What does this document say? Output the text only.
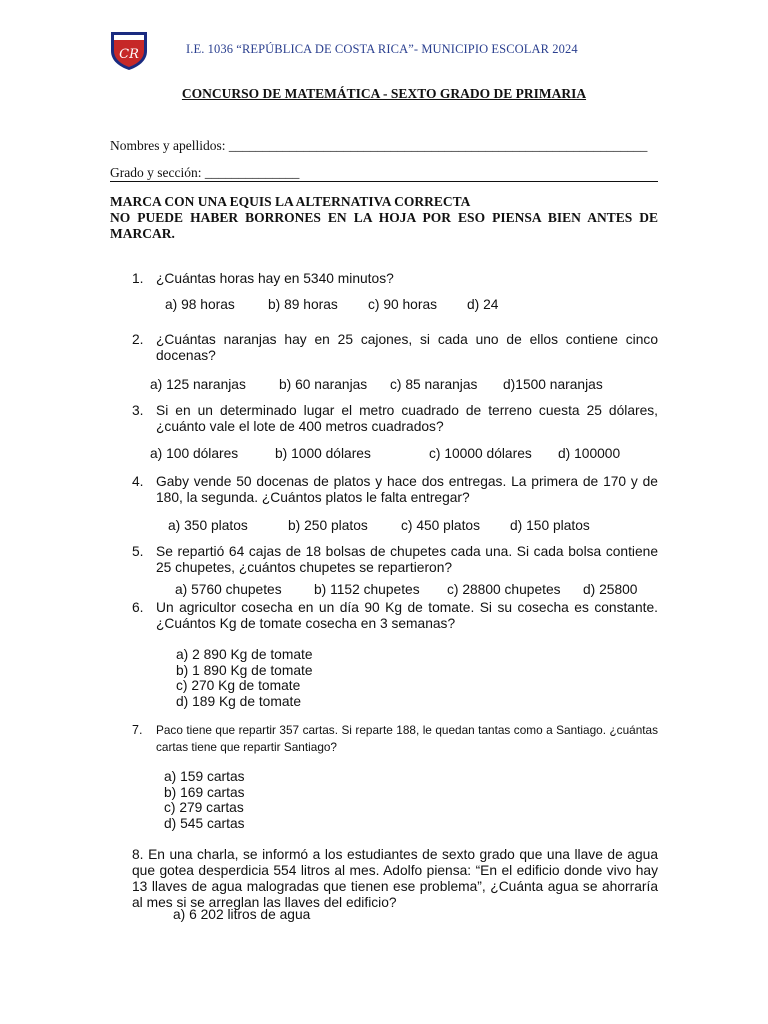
CR	I.E. 1036 “REPÚBLICA DE COSTA RICA”- MUNICIPIO ESCOLAR 2024
CONCURSO DE MATEMÁTICA - SEXTO GRADO DE PRIMARIA
Nombres y apellidos: ______________________________________________________________
Grado y sección: ______________
MARCA CON UNA EQUIS LA ALTERNATIVA CORRECTA
NO PUEDE HABER BORRONES EN LA HOJA POR ESO PIENSA BIEN ANTES DE MARCAR.
1. ¿Cuántas horas hay en 5340 minutos?
a) 98 horas b) 89 horas c) 90 horas d) 24
2. ¿Cuántas naranjas hay en 25 cajones, si cada uno de ellos contiene cinco docenas?
a) 125 naranjas b) 60 naranjas c) 85 naranjas d)1500 naranjas
3. Si en un determinado lugar el metro cuadrado de terreno cuesta 25 dólares, ¿cuánto vale el lote de 400 metros cuadrados?
a) 100 dólares	b) 1000 dólares	c) 10000 dólares d) 100000
4. Gaby vende 50 docenas de platos y hace dos entregas. La primera de 170 y de 180, la segunda. ¿Cuántos platos le falta entregar?
a) 350 platos	b) 250 platos c) 450 platos d) 150 platos
5. Se repartió 64 cajas de 18 bolsas de chupetes cada una. Si cada bolsa contiene 25 chupetes, ¿cuántos chupetes se repartieron?
a) 5760 chupetes b) 1152 chupetes c) 28800 chupetes d) 25800
6. Un agricultor cosecha en un día 90 Kg de tomate. Si su cosecha es constante. ¿Cuántos Kg de tomate cosecha en 3 semanas?
a) 2 890 Kg de tomate
b) 1 890 Kg de tomate
c) 270 Kg de tomate
d) 189 Kg de tomate
7. Paco tiene que repartir 357 cartas. Si reparte 188, le quedan tantas como a Santiago. ¿cuántas cartas tiene que repartir Santiago?
a) 159 cartas
b) 169 cartas
c) 279 cartas
d) 545 cartas
8. En una charla, se informó a los estudiantes de sexto grado que una llave de agua que gotea desperdicia 554 litros al mes. Adolfo piensa: “En el edificio donde vivo hay 13 llaves de agua malogradas que tienen ese problema”, ¿Cuánta agua se ahorraría al mes si se arreglan las llaves del edificio?
a) 6 202 litros de agua
